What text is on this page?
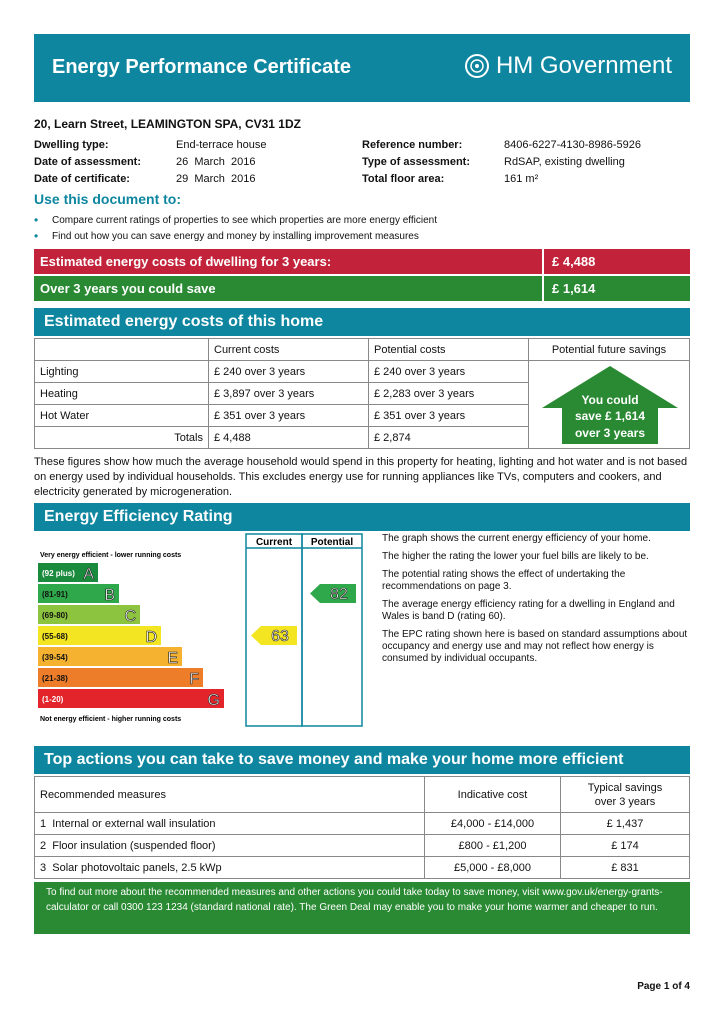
Energy Performance Certificate	HM Government
20, Learn Street, LEAMINGTON SPA, CV31 1DZ
Dwelling type:	End-terrace house
Date of assessment:	26  March  2016
Date of certificate:	29  March  2016
Reference number:	8406-6227-4130-8986-5926
Type of assessment:	RdSAP, existing dwelling
Total floor area:	161 m²
Use this document to:
•	Compare current ratings of properties to see which properties are more energy efficient
•	Find out how you can save energy and money by installing improvement measures
Estimated energy costs of dwelling for 3 years:	£ 4,488
Over 3 years you could save	£ 1,614
Estimated energy costs of this home
	Current costs	Potential costs	Potential future savings
Lighting	£ 240 over 3 years	£ 240 over 3 years	
Heating	£ 3,897 over 3 years	£ 2,283 over 3 years	
Hot Water	£ 351 over 3 years	£ 351 over 3 years	
Totals	£ 4,488	£ 2,874	
You could
save £ 1,614
over 3 years
These figures show how much the average household would spend in this property for heating, lighting and hot water and is not based on energy used by individual households. This excludes energy use for running appliances like TVs, computers and cookers, and electricity generated by microgeneration.
Energy Efficiency Rating
Current Potential
Very energy efficient - lower running costs
Not energy efficient - higher running costs
(92 plus) A
(81-91) B
(69-80)	C
(55-68)	D
(39-54)	E
(21-38)	F
(1-20)	G
63
82

The graph shows the current energy efficiency of your home.

The higher the rating the lower your fuel bills are likely to be.

The potential rating shows the effect of undertaking the recommendations on page 3.

The average energy efficiency rating for a dwelling in England and Wales is band D (rating 60).

The EPC rating shown here is based on standard assumptions about occupancy and energy use and may not reflect how energy is consumed by individual occupants.

Top actions you can take to save money and make your home more efficient
Recommended measures	Indicative cost	Typical savings
over 3 years

1 Internal or external wall insulation	£4,000 - £14,000	£ 1,437
2 Floor insulation (suspended floor)	£800 - £1,200	£ 174
3 Solar photovoltaic panels, 2.5 kWp	£5,000 - £8,000	£ 831
To find out more about the recommended measures and other actions you could take today to save money, visit www.gov.uk/energy-grants-calculator or call 0300 123 1234 (standard national rate). The Green Deal may enable you to make your home warmer and cheaper to run.
Page 1 of 4
